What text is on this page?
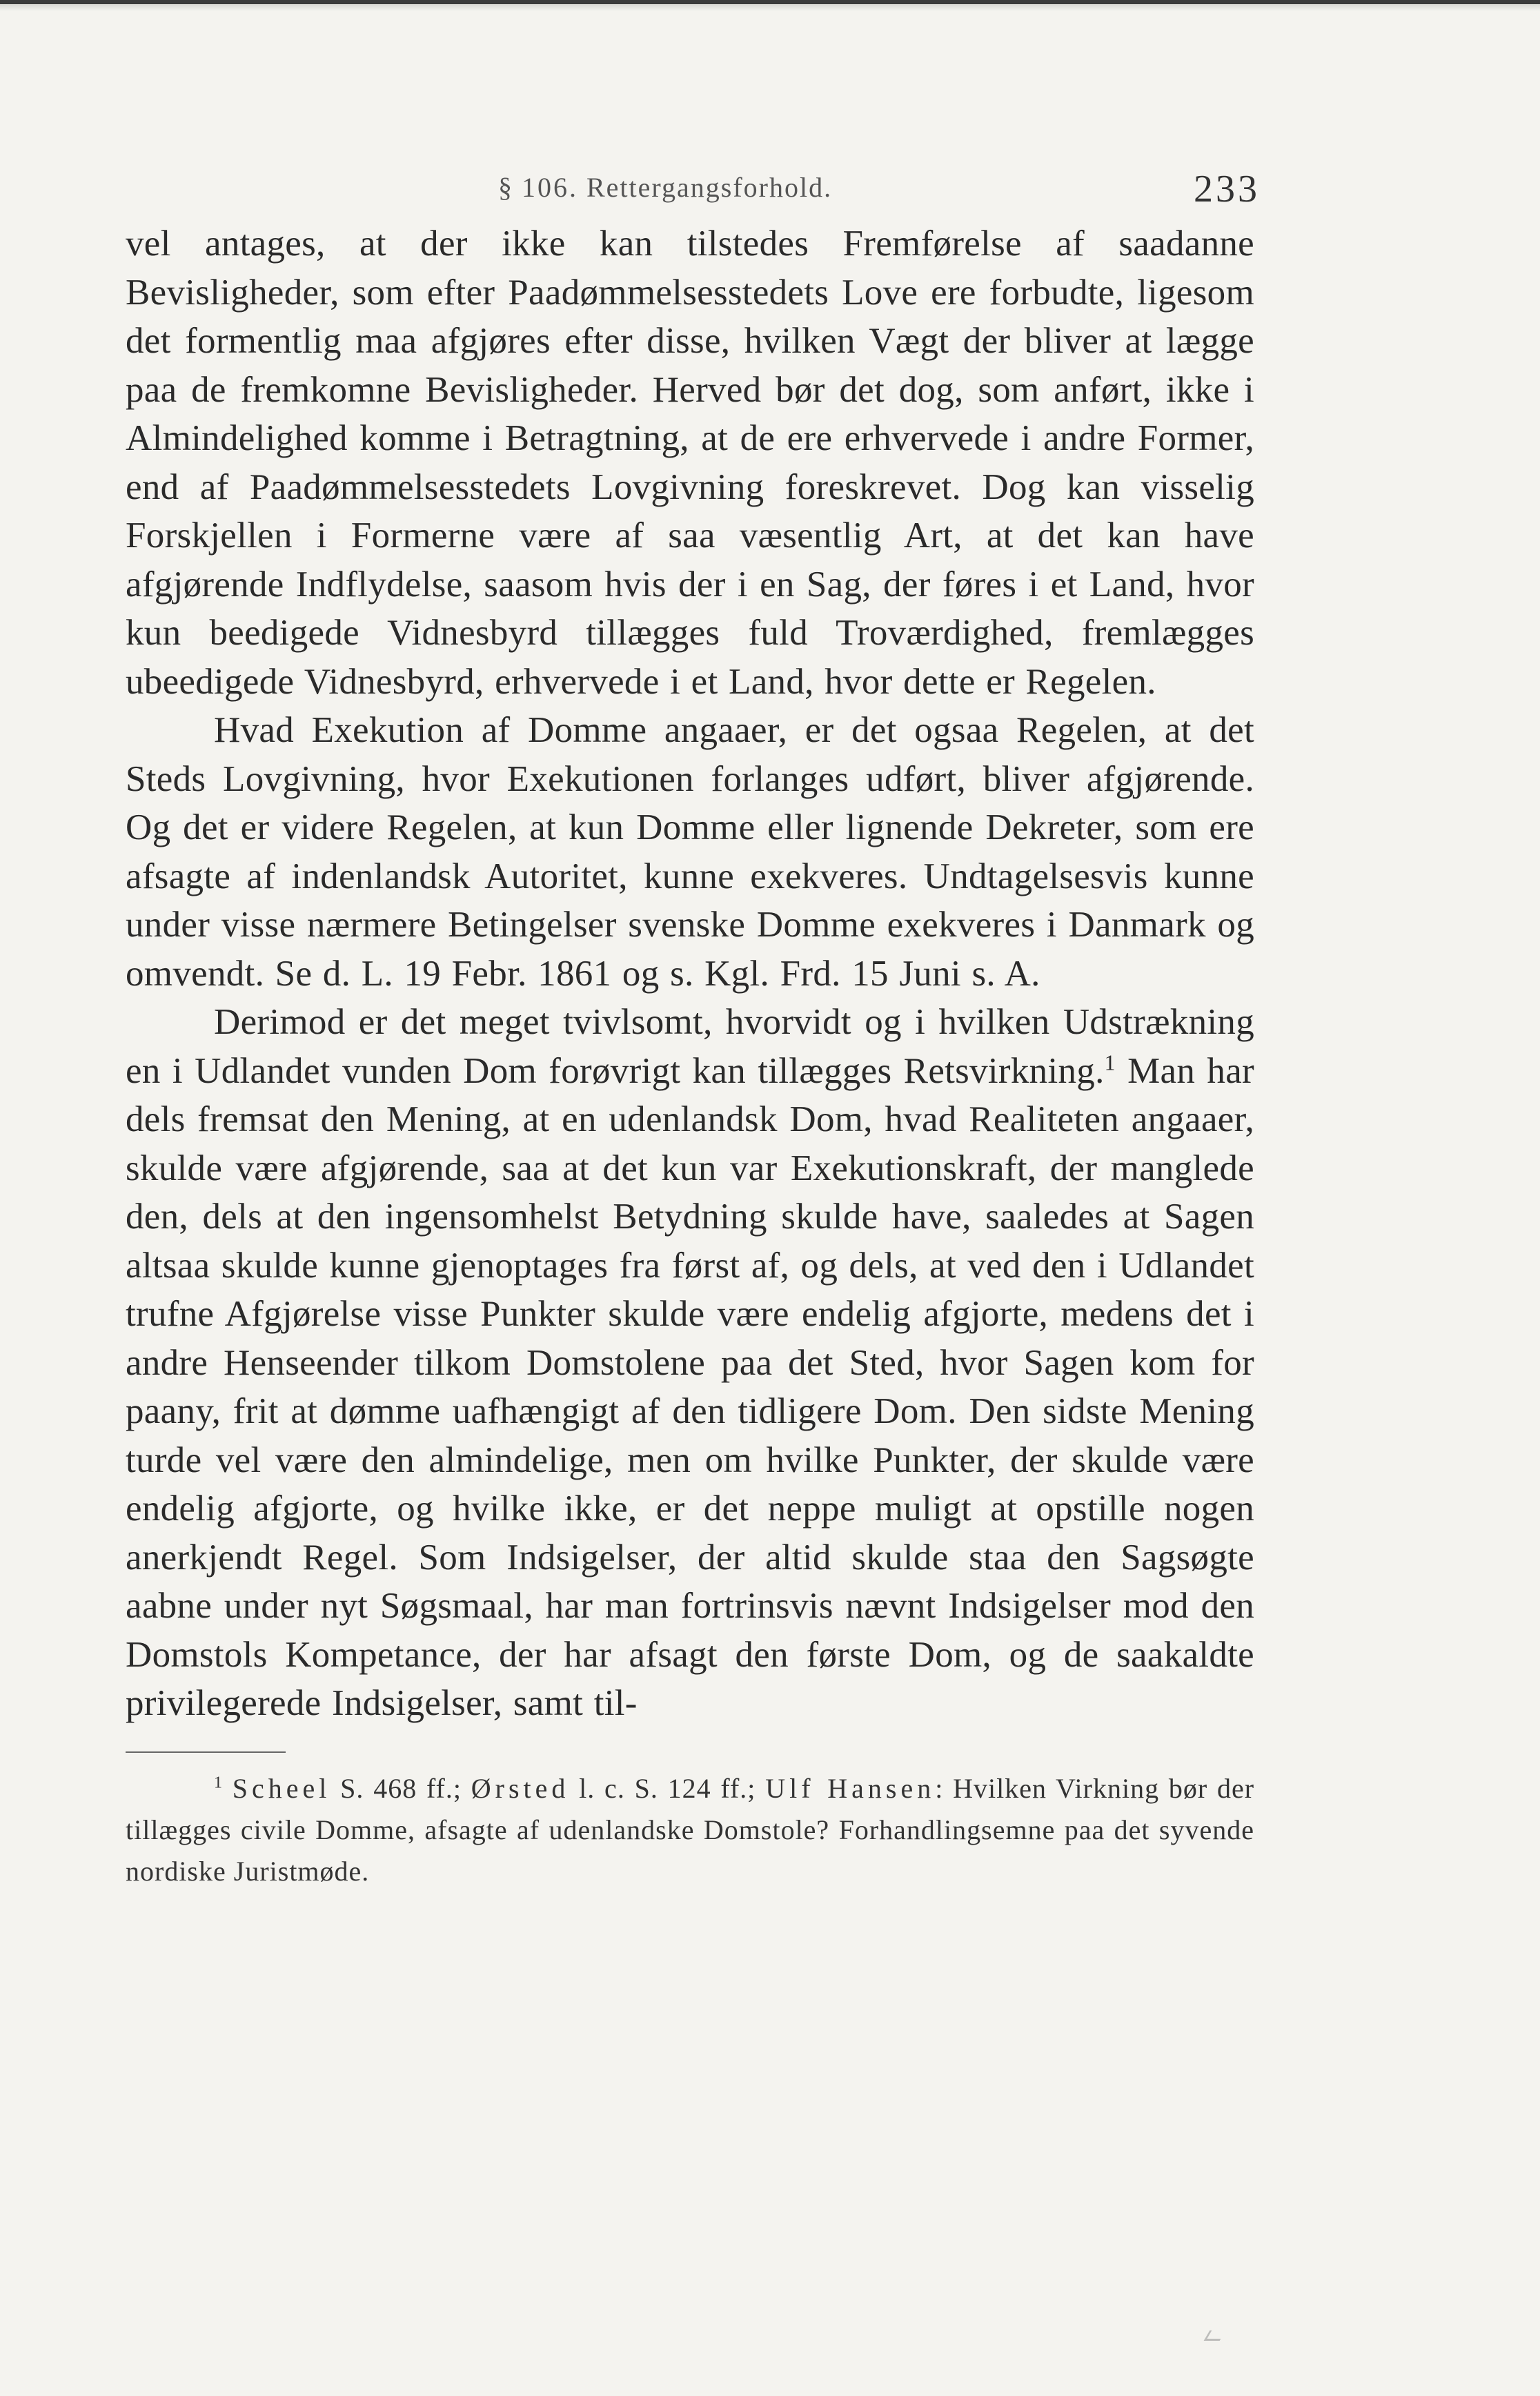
§ 106. Rettergangsforhold.	233

vel antages, at der ikke kan tilstedes Fremførelse af saadanne Bevisligheder, som efter Paadømmelsesstedets Love ere forbudte, ligesom det formentlig maa afgjøres efter disse, hvilken Vægt der bliver at lægge paa de fremkomne Bevisligheder. Herved bør det dog, som anført, ikke i Almindelighed komme i Betragtning, at de ere erhvervede i andre Former, end af Paadømmelsesstedets Lovgivning foreskrevet. Dog kan visselig Forskjellen i Formerne være af saa væsentlig Art, at det kan have afgjørende Indflydelse, saasom hvis der i en Sag, der føres i et Land, hvor kun beedigede Vidnesbyrd tillægges fuld Troværdighed, fremlægges ubeedigede Vidnesbyrd, erhvervede i et Land, hvor dette er Regelen.

Hvad Exekution af Domme angaaer, er det ogsaa Regelen, at det Steds Lovgivning, hvor Exekutionen forlanges udført, bliver afgjørende. Og det er videre Regelen, at kun Domme eller lignende Dekreter, som ere afsagte af indenlandsk Autoritet, kunne exekveres. Undtagelsesvis kunne under visse nærmere Betingelser svenske Domme exekveres i Danmark og omvendt. Se d. L. 19 Febr. 1861 og s. Kgl. Frd. 15 Juni s. A.

Derimod er det meget tvivlsomt, hvorvidt og i hvilken Udstrækning en i Udlandet vunden Dom forøvrigt kan tillægges Retsvirkning.$^1$ Man har dels fremsat den Mening, at en udenlandsk Dom, hvad Realiteten angaaer, skulde være afgjørende, saa at det kun var Exekutionskraft, der manglede den, dels at den ingensomhelst Betydning skulde have, saaledes at Sagen altsaa skulde kunne gjenoptages fra først af, og dels, at ved den i Udlandet trufne Afgjørelse visse Punkter skulde være endelig afgjorte, medens det i andre Henseender tilkom Domstolene paa det Sted, hvor Sagen kom for paany, frit at dømme uafhængigt af den tidligere Dom. Den sidste Mening turde vel være den almindelige, men om hvilke Punkter, der skulde være endelig afgjorte, og hvilke ikke, er det neppe muligt at opstille nogen anerkjendt Regel. Som Indsigelser, der altid skulde staa den Sagsøgte aabne under nyt Søgsmaal, har man fortrinsvis nævnt Indsigelser mod den Domstols Kompetance, der har afsagt den første Dom, og de saakaldte privilegerede Indsigelser, samt til-

$^1$ Scheel S. 468 ff.; Ørsted l. c. S. 124 ff.; Ulf Hansen: Hvilken Virkning bør der tillægges civile Domme, afsagte af udenlandske Domstole? Forhandlingsemne paa det syvende nordiske Juristmøde.
